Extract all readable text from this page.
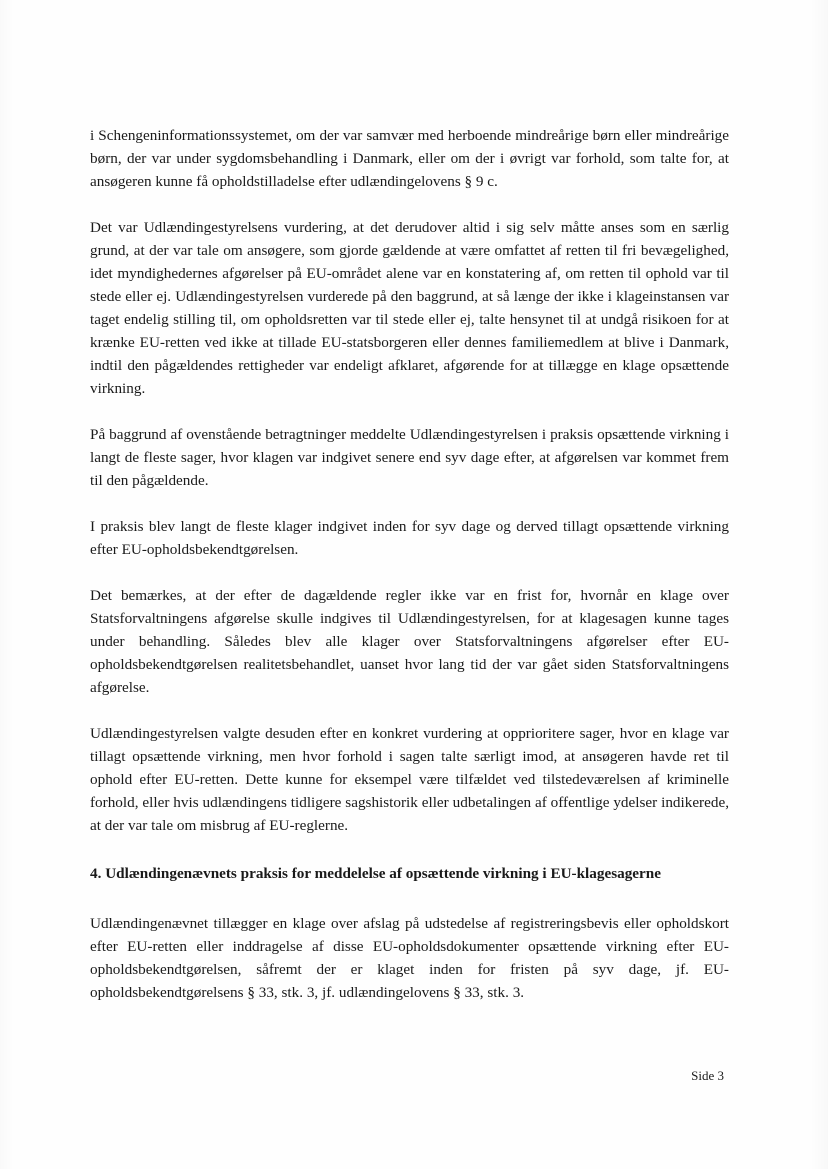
i Schengeninformationssystemet, om der var samvær med herboende mindreårige børn eller mindreårige børn, der var under sygdomsbehandling i Danmark, eller om der i øvrigt var forhold, som talte for, at ansøgeren kunne få opholdstilladelse efter udlændingelovens § 9 c.

Det var Udlændingestyrelsens vurdering, at det derudover altid i sig selv måtte anses som en særlig grund, at der var tale om ansøgere, som gjorde gældende at være omfattet af retten til fri bevægelighed, idet myndighedernes afgørelser på EU-området alene var en konstatering af, om retten til ophold var til stede eller ej. Udlændingestyrelsen vurderede på den baggrund, at så længe der ikke i klageinstansen var taget endelig stilling til, om opholdsretten var til stede eller ej, talte hensynet til at undgå risikoen for at krænke EU-retten ved ikke at tillade EU-statsborgeren eller dennes familiemedlem at blive i Danmark, indtil den pågældendes rettigheder var endeligt afklaret, afgørende for at tillægge en klage opsættende virkning.

På baggrund af ovenstående betragtninger meddelte Udlændingestyrelsen i praksis opsættende virkning i langt de fleste sager, hvor klagen var indgivet senere end syv dage efter, at afgørelsen var kommet frem til den pågældende.

I praksis blev langt de fleste klager indgivet inden for syv dage og derved tillagt opsættende virkning efter EU-opholdsbekendtgørelsen.

Det bemærkes, at der efter de dagældende regler ikke var en frist for, hvornår en klage over Statsforvaltningens afgørelse skulle indgives til Udlændingestyrelsen, for at klagesagen kunne tages under behandling. Således blev alle klager over Statsforvaltningens afgørelser efter EU-opholdsbekendtgørelsen realitetsbehandlet, uanset hvor lang tid der var gået siden Statsforvaltningens afgørelse.

Udlændingestyrelsen valgte desuden efter en konkret vurdering at opprioritere sager, hvor en klage var tillagt opsættende virkning, men hvor forhold i sagen talte særligt imod, at ansøgeren havde ret til ophold efter EU-retten. Dette kunne for eksempel være tilfældet ved tilstedeværelsen af kriminelle forhold, eller hvis udlændingens tidligere sagshistorik eller udbetalingen af offentlige ydelser indikerede, at der var tale om misbrug af EU-reglerne.

4. Udlændingenævnets praksis for meddelelse af opsættende virkning i EU-klagesagerne

Udlændingenævnet tillægger en klage over afslag på udstedelse af registreringsbevis eller opholdskort efter EU-retten eller inddragelse af disse EU-opholdsdokumenter opsættende virkning efter EU-opholdsbekendtgørelsen, såfremt der er klaget inden for fristen på syv dage, jf. EU-opholdsbekendtgørelsens § 33, stk. 3, jf. udlændingelovens § 33, stk. 3.

Side 3
